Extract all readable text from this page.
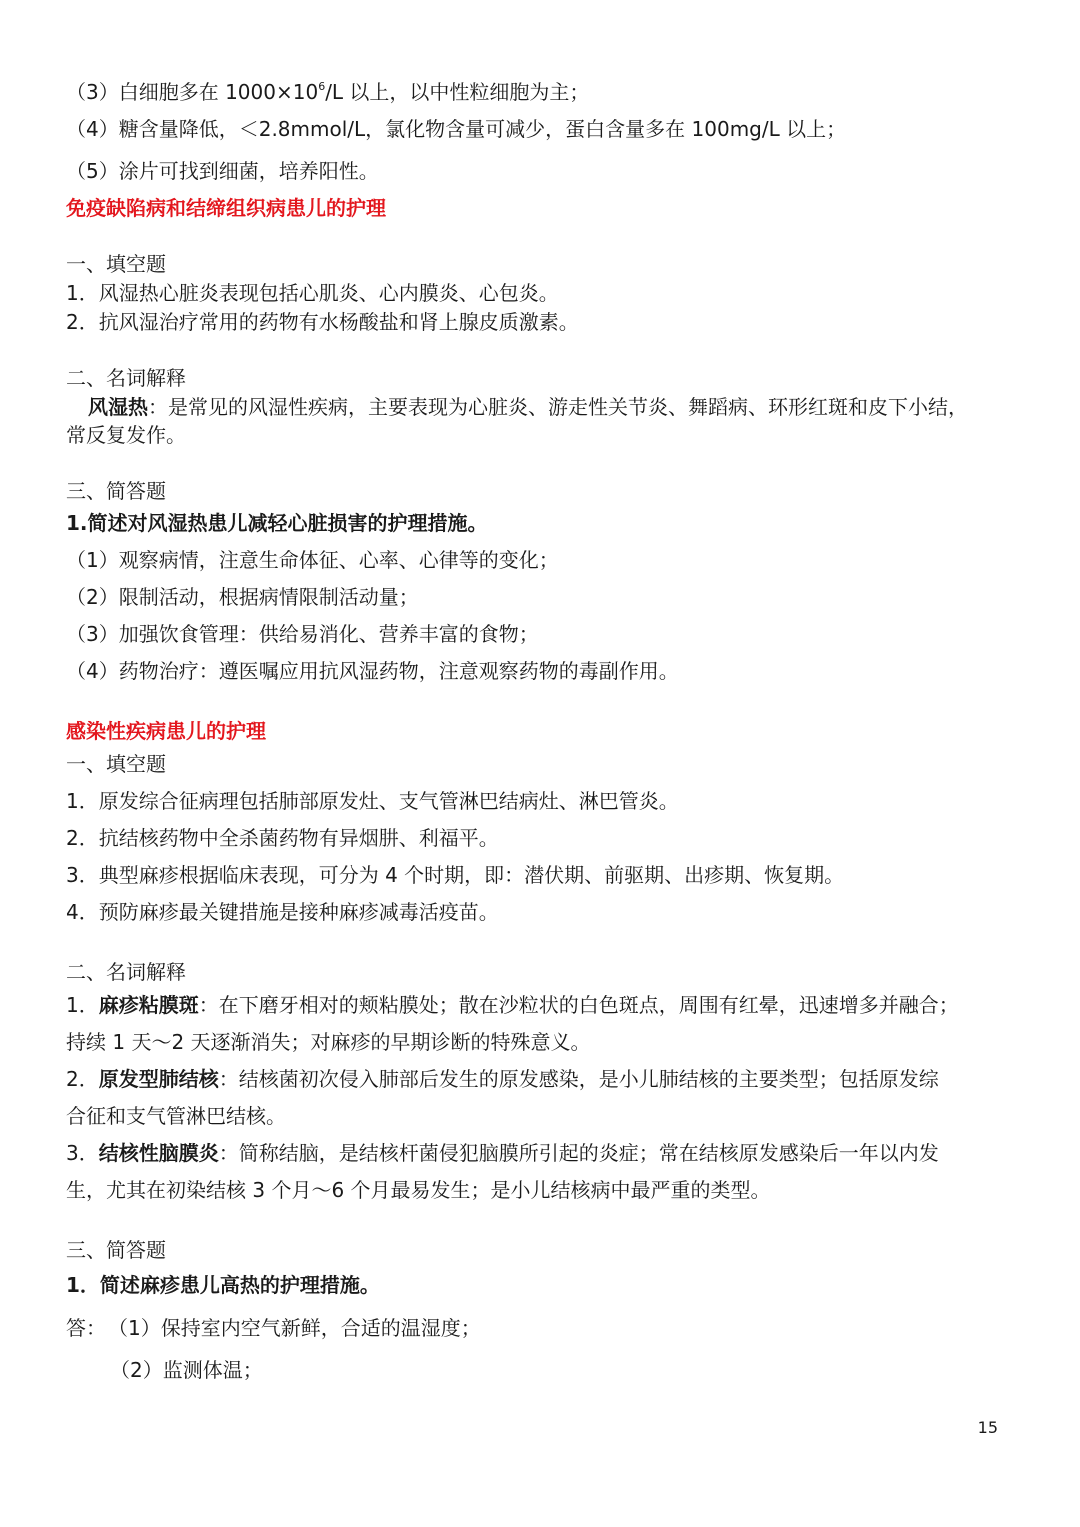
（3）白细胞多在 $1000\times 10^6/L$ 以上，以中性粒细胞为主；
（4）糖含量降低，＜2.8mmol/L，氯化物含量可减少，蛋白含量多在 100mg/L 以上；
（5）涂片可找到细菌，培养阳性。
免疫缺陷病和结缔组织病患儿的护理
一、填空题
1．风湿热心脏炎表现包括心肌炎、心内膜炎、心包炎。
2．抗风湿治疗常用的药物有水杨酸盐和肾上腺皮质激素。
二、名词解释
风湿热：是常见的风湿性疾病，主要表现为心脏炎、游走性关节炎、舞蹈病、环形红斑和皮下小结，
常反复发作。
三、简答题
1.简述对风湿热患儿减轻心脏损害的护理措施。
（1）观察病情，注意生命体征、心率、心律等的变化；
（2）限制活动，根据病情限制活动量；
（3）加强饮食管理：供给易消化、营养丰富的食物；
（4）药物治疗：遵医嘱应用抗风湿药物，注意观察药物的毒副作用。
感染性疾病患儿的护理
一、填空题
1．原发综合征病理包括肺部原发灶、支气管淋巴结病灶、淋巴管炎。
2．抗结核药物中全杀菌药物有异烟肼、利福平。
3．典型麻疹根据临床表现，可分为 4 个时期，即：潜伏期、前驱期、出疹期、恢复期。
4．预防麻疹最关键措施是接种麻疹减毒活疫苗。
二、名词解释
1．麻疹粘膜斑：在下磨牙相对的颊粘膜处；散在沙粒状的白色斑点，周围有红晕，迅速增多并融合；
持续 1 天～2 天逐渐消失；对麻疹的早期诊断的特殊意义。
2．原发型肺结核：结核菌初次侵入肺部后发生的原发感染，是小儿肺结核的主要类型；包括原发综
合征和支气管淋巴结核。
3．结核性脑膜炎：简称结脑，是结核杆菌侵犯脑膜所引起的炎症；常在结核原发感染后一年以内发
生，尤其在初染结核 3 个月～6 个月最易发生；是小儿结核病中最严重的类型。
三、简答题
1．简述麻疹患儿高热的护理措施。
答： （1）保持室内空气新鲜，合适的温湿度；
（2）监测体温；
15
